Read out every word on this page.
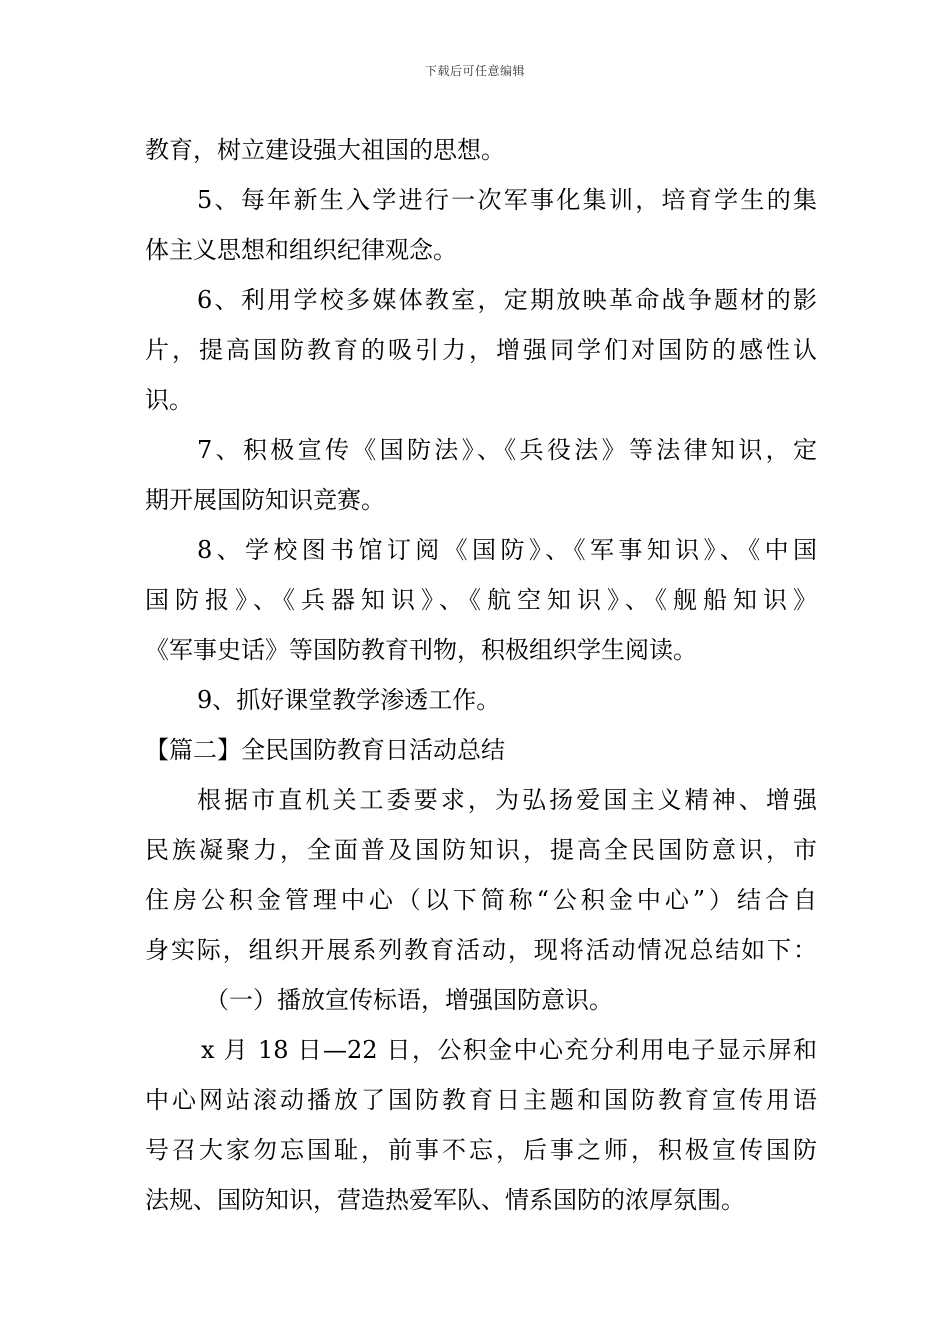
下载后可任意编辑
教育，树立建设强大祖国的思想。
5、每年新生入学进行一次军事化集训，培育学生的集
体主义思想和组织纪律观念。
6、利用学校多媒体教室，定期放映革命战争题材的影
片，提高国防教育的吸引力，增强同学们对国防的感性认
识。
7、积极宣传《国防法》、《兵役法》等法律知识，定
期开展国防知识竞赛。
8、学校图书馆订阅《国防》、《军事知识》、《中国
国防报》、《兵器知识》、《航空知识》、《舰船知识》
《军事史话》等国防教育刊物，积极组织学生阅读。
9、抓好课堂教学渗透工作。
【篇二】全民国防教育日活动总结
根据市直机关工委要求，为弘扬爱国主义精神、增强
民族凝聚力，全面普及国防知识，提高全民国防意识，市
住房公积金管理中心（以下简称“公积金中心”）结合自
身实际，组织开展系列教育活动，现将活动情况总结如下：
（一）播放宣传标语，增强国防意识。
x 月 18 日—22 日，公积金中心充分利用电子显示屏和
中心网站滚动播放了国防教育日主题和国防教育宣传用语
号召大家勿忘国耻，前事不忘，后事之师，积极宣传国防
法规、国防知识，营造热爱军队、情系国防的浓厚氛围。
